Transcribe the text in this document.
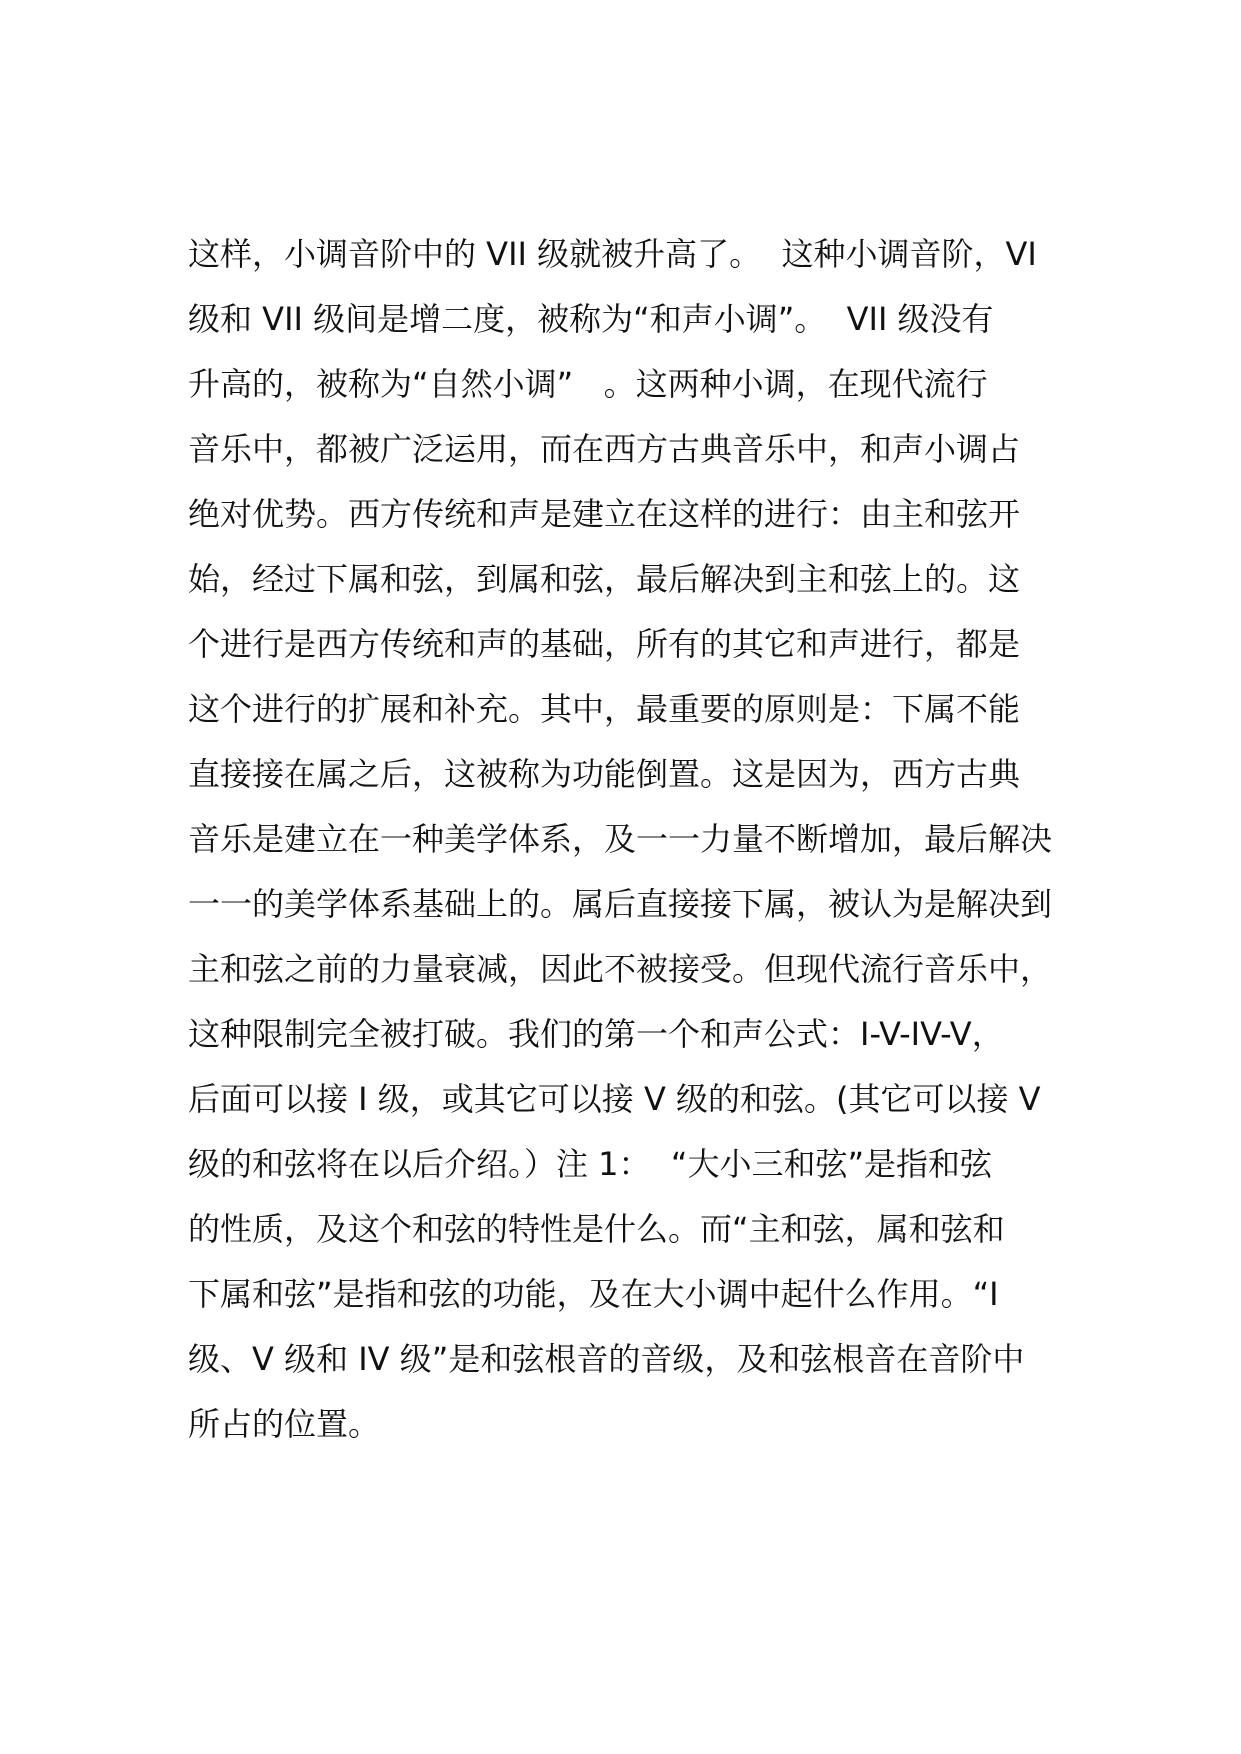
这样，小调音阶中的 VII 级就被升高了。  这种小调音阶，VI
级和 VII 级间是增二度，被称为“和声小调”。  VII 级没有
升高的，被称为“自然小调”   。这两种小调，在现代流行
音乐中，都被广泛运用，而在西方古典音乐中，和声小调占
绝对优势。西方传统和声是建立在这样的进行：由主和弦开
始，经过下属和弦，到属和弦，最后解决到主和弦上的。这
个进行是西方传统和声的基础，所有的其它和声进行，都是
这个进行的扩展和补充。其中，最重要的原则是：下属不能
直接接在属之后，这被称为功能倒置。这是因为，西方古典
音乐是建立在一种美学体系，及一一力量不断增加，最后解决
一一的美学体系基础上的。属后直接接下属，被认为是解决到
主和弦之前的力量衰减，因此不被接受。但现代流行音乐中，
这种限制完全被打破。我们的第一个和声公式：I-V-IV-V，
后面可以接 I 级，或其它可以接 V 级的和弦。(其它可以接 V
级的和弦将在以后介绍。）注 1：  “大小三和弦”是指和弦
的性质，及这个和弦的特性是什么。而“主和弦，属和弦和
下属和弦”是指和弦的功能，及在大小调中起什么作用。“I
级、V 级和 IV 级”是和弦根音的音级，及和弦根音在音阶中
所占的位置。
